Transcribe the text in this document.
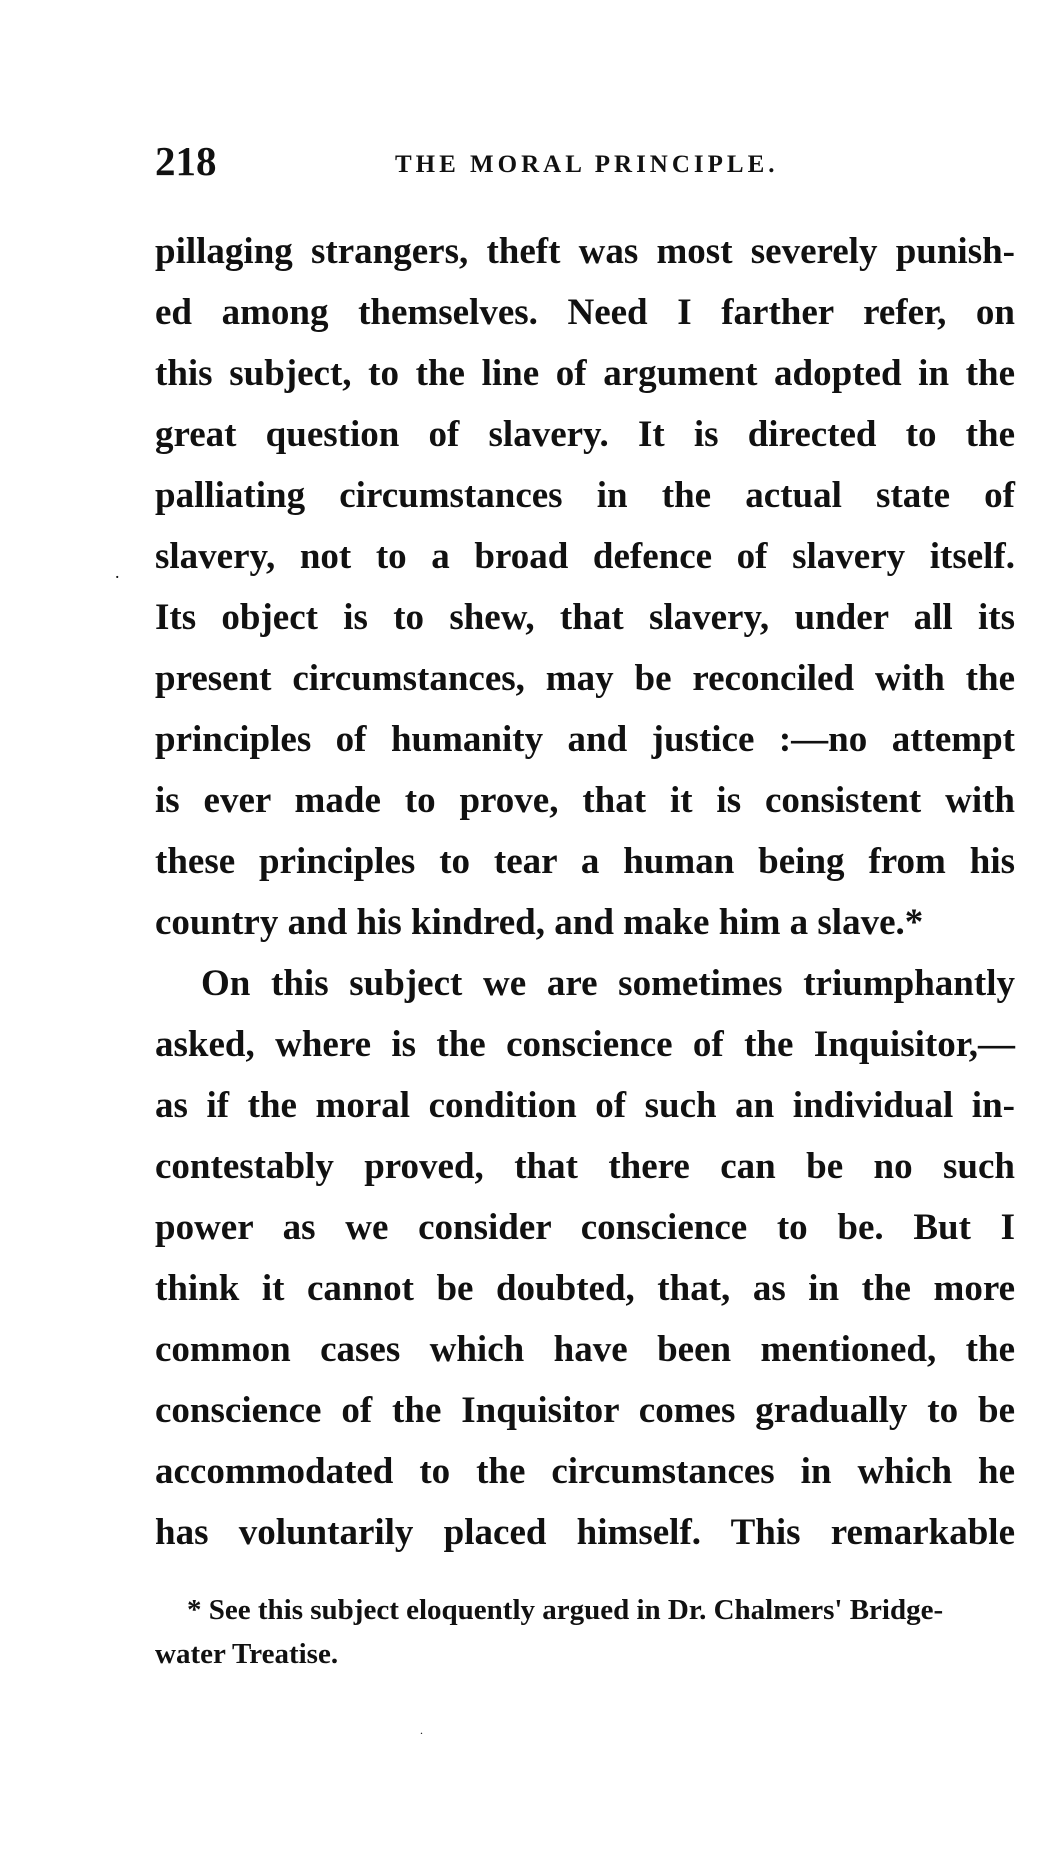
218	THE MORAL PRINCIPLE.
.
pillaging strangers, theft was most severely punish-
ed among themselves. Need I farther refer, on
this subject, to the line of argument adopted in the
great question of slavery. It is directed to the
palliating circumstances in the actual state of
slavery, not to a broad defence of slavery itself.
Its object is to shew, that slavery, under all its
present circumstances, may be reconciled with the
principles of humanity and justice :—no attempt
is ever made to prove, that it is consistent with
these principles to tear a human being from his
country and his kindred, and make him a slave.*
On this subject we are sometimes triumphantly
asked, where is the conscience of the Inquisitor,—
as if the moral condition of such an individual in-
contestably proved, that there can be no such
power as we consider conscience to be. But I
think it cannot be doubted, that, as in the more
common cases which have been mentioned, the
conscience of the Inquisitor comes gradually to be
accommodated to the circumstances in which he
has voluntarily placed himself. This remarkable
* See this subject eloquently argued in Dr. Chalmers' Bridge-
water Treatise.
.
